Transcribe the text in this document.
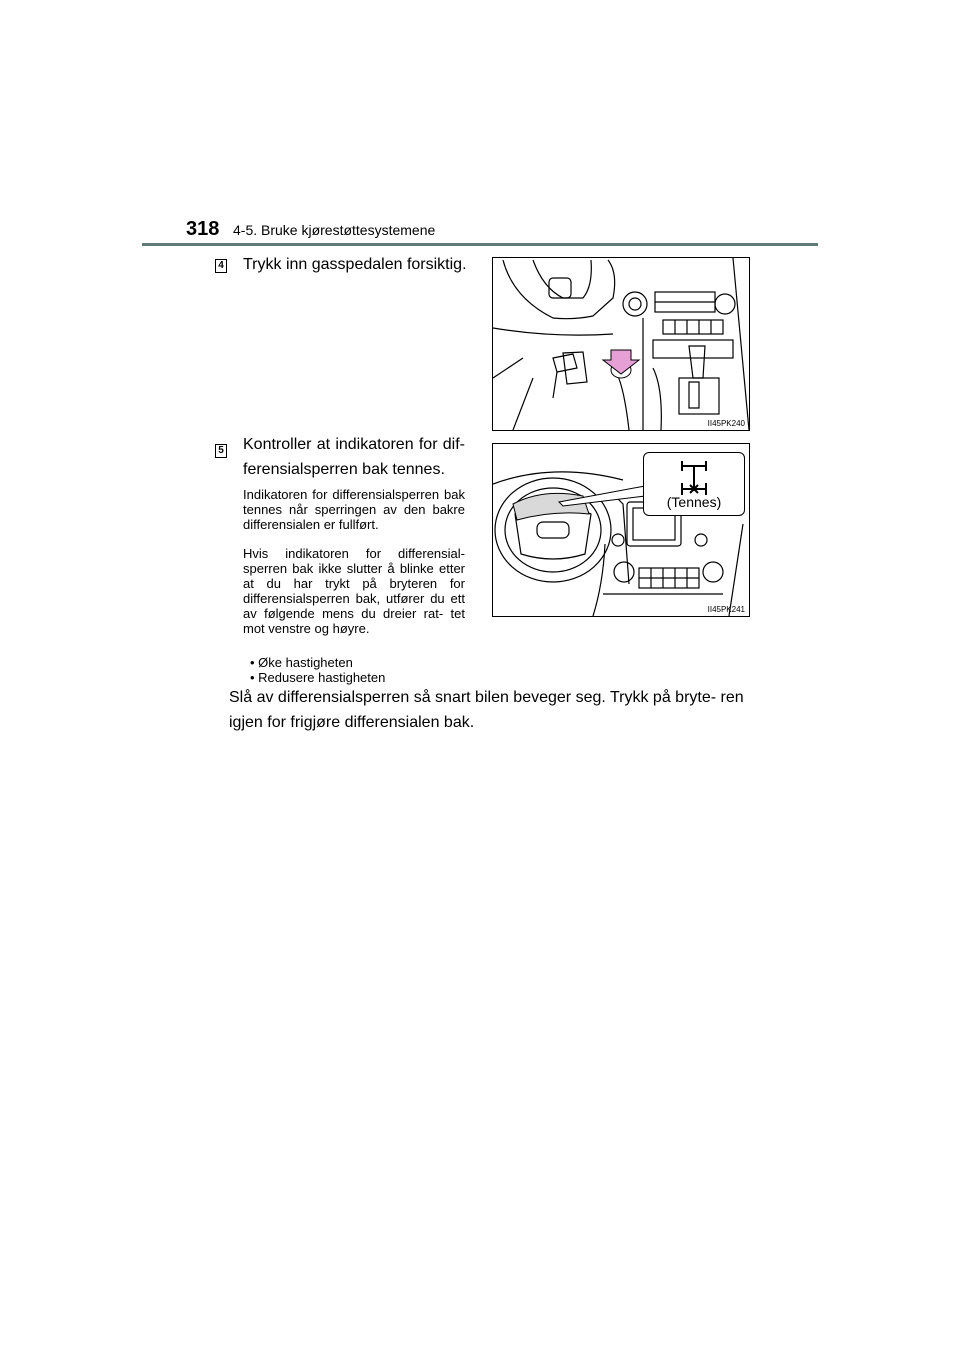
318 4-5. Bruke kjørestøttesystemene
4 Trykk inn gasspedalen forsiktig.
II45PK240
5 Kontroller at indikatoren for dif- ferensialsperren bak tennes.
Indikatoren for differensialsperren bak tennes når sperringen av den bakre differensialen er fullført.
Hvis indikatoren for differensial- sperren bak ikke slutter å blinke etter at du har trykt på bryteren for differensialsperren bak, utfører du ett av følgende mens du dreier rat- tet mot venstre og høyre.
• Øke hastigheten
• Redusere hastigheten
(Tennes)
II45PK241
Slå av differensialsperren så snart bilen beveger seg. Trykk på bryte- ren igjen for frigjøre differensialen bak.
